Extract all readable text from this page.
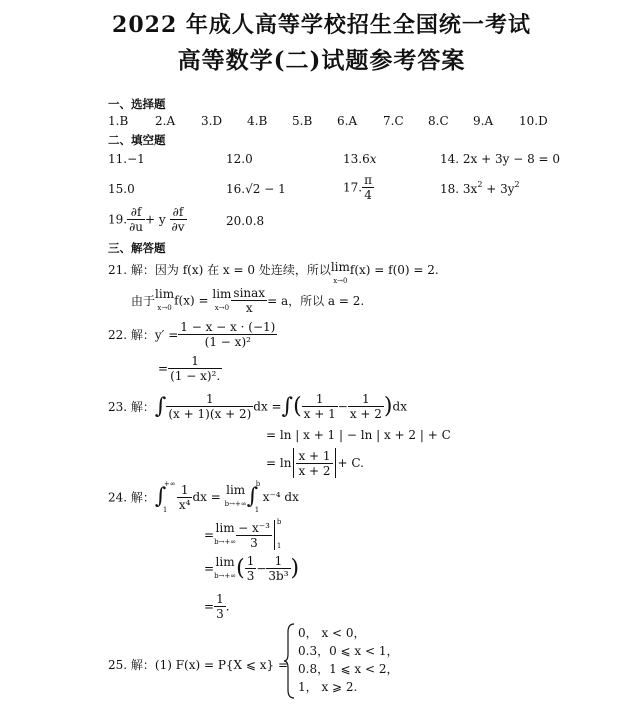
2022 年成人高等学校招生全国统一考试
高等数学(二)试题参考答案
一、选择题
1.B 2.A 3.D 4.B 5.B 6.A 7.C 8.C 9.A 10.D
二、填空题
11.−1	12.0	13.6x	14. 2x + 3y − 8 = 0
15.0	16.√2 − 1	17. $\frac{\pi}{4}$	18. $3x^2 + 3y^2$
19. $\frac{\partial f}{\partial u} + y \frac{\partial f}{\partial v}$	20.0.8
三、解答题
21. 解：因为 f(x) 在 x = 0 处连续，所以lim
x→0f(x) = f(0) = 2.
由于lim
x→0 f(x) = lim
$x\to 0 \frac{\text{sinax}}{x} = a$，所以 a = 2.
22. 解：$y' = \frac{1 - x - x \cdot (-1)}{\text{(1 − x)²}}$
= $\frac{1}{\text{(1 − x)².}}$
23. 解：∫ $\frac{1}{(x + 1)(x + 2)}$ dx =∫( $\frac{1}{x + 1} - \frac{1}{x + 2} )dx$
= ln | x + 1 | − ln | x + 2 | + C
= $\ln \frac{x + 1}{x + 2} + C$.
24. 解： ∫
+∞
$1 \frac{1}{\text{x⁴}}$ dx = lim
b→+∞ ∫
b
1
x⁻⁴ dx
=lim
$b\to+\infty \frac{\text{− x⁻³}}{3}$ b
1
=lim
$b\to+\infty( \frac{1}{3} - \frac{1}{\text{3b³}}$ )
= $\frac{1}{3}$ .
25. 解：(1) F(x) = P{X ⩽ x} =
0， x < 0，
0.3，0 ⩽ x < 1，
0.8，1 ⩽ x < 2，
1， x ⩾ 2.
